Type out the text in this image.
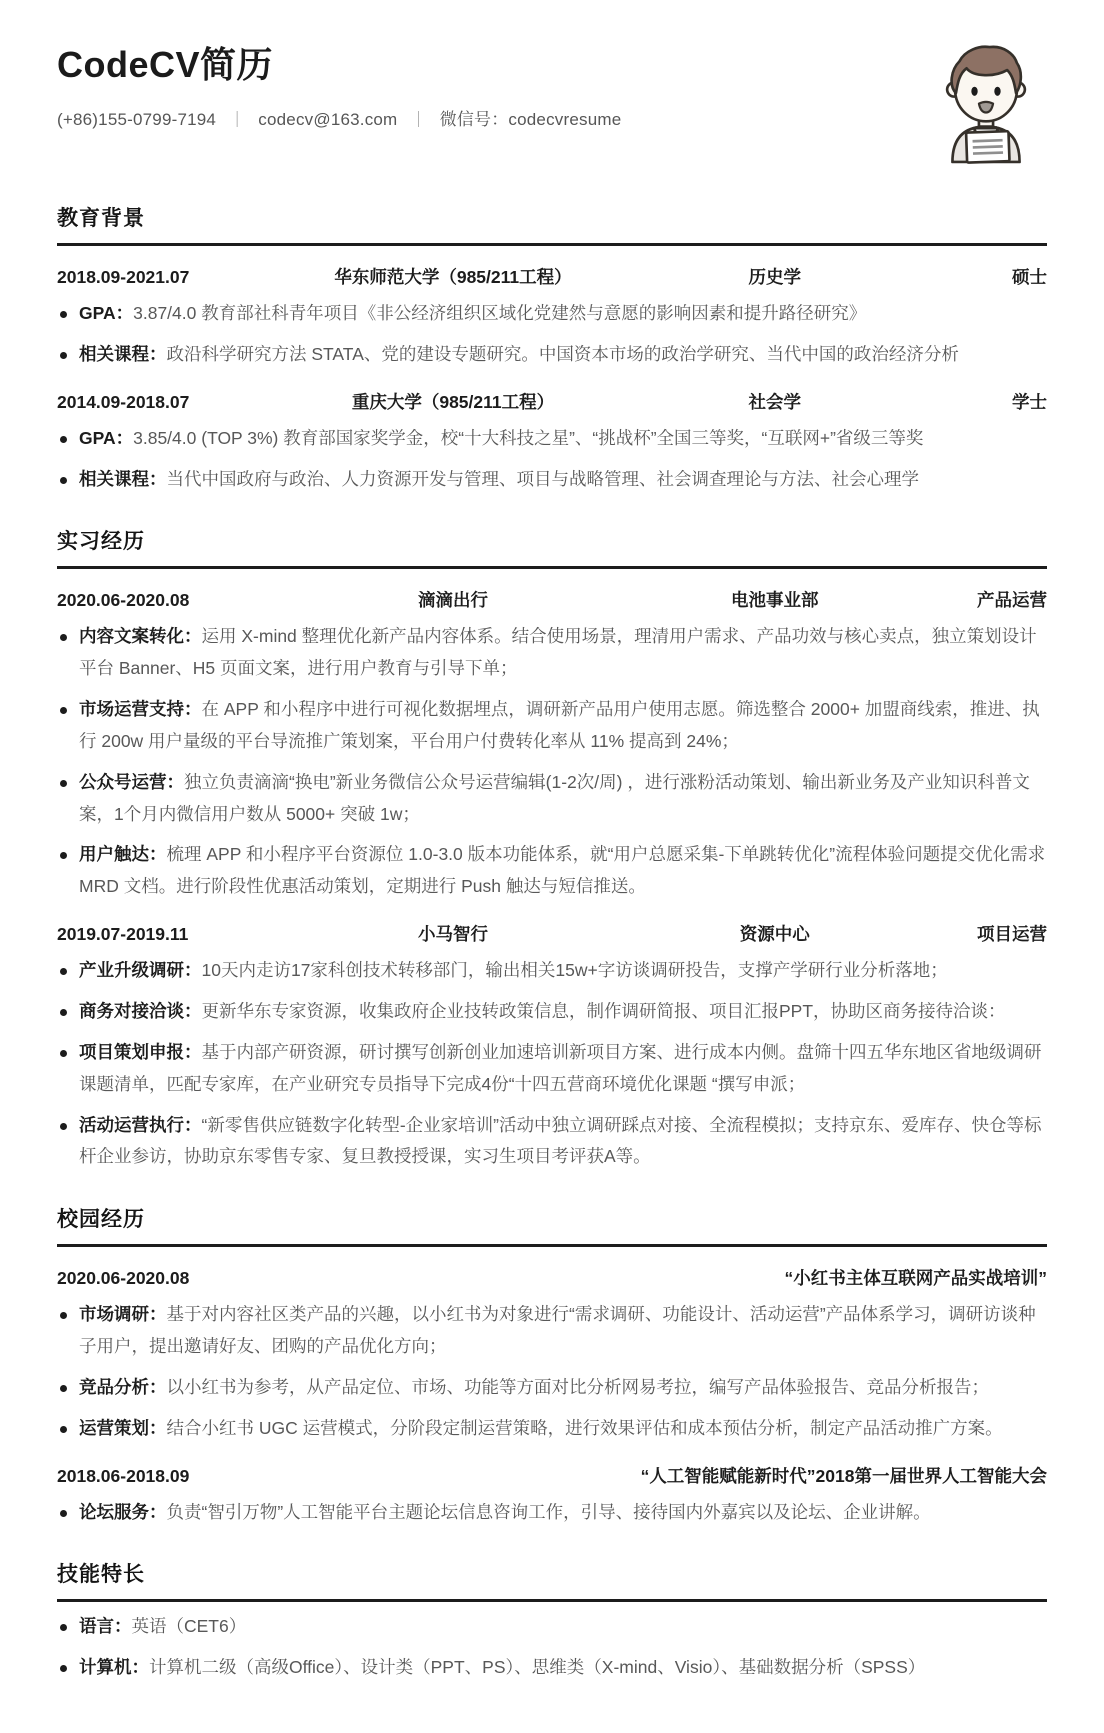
CodeCV简历
(+86)155-0799-7194 ｜ codecv@163.com ｜ 微信号：codecvresume
教育背景
2018.09-2021.07	华东师范大学（985/211工程）	历史学	硕士
GPA：3.87/4.0 教育部社科青年项目《非公经济组织区域化党建然与意愿的影响因素和提升路径研究》
相关课程：政沿科学研究方法 STATA、党的建设专题研究。中国资本市场的政治学研究、当代中国的政治经济分析
2014.09-2018.07	重庆大学（985/211工程）	社会学	学士
GPA：3.85/4.0 (TOP 3%) 教育部国家奖学金，校“十大科技之星”、“挑战杯”全国三等奖，“互联网+”省级三等奖
相关课程：当代中国政府与政治、人力资源开发与管理、项目与战略管理、社会调查理论与方法、社会心理学
实习经历
2020.06-2020.08	滴滴出行	电池事业部	产品运营
内容文案转化：运用 X-mind 整理优化新产品内容体系。结合使用场景，理清用户需求、产品功效与核心卖点，独立策划设计平台 Banner、H5 页面文案，进行用户教育与引导下单；
市场运营支持：在 APP 和小程序中进行可视化数据埋点，调研新产品用户使用志愿。筛选整合 2000+ 加盟商线索，推进、执行 200w 用户量级的平台导流推广策划案，平台用户付费转化率从 11% 提高到 24%；
公众号运营：独立负责滴滴“换电”新业务微信公众号运营编辑(1-2次/周) ，进行涨粉活动策划、输出新业务及产业知识科普文案，1个月内微信用户数从 5000+ 突破 1w；
用户触达：梳理 APP 和小程序平台资源位 1.0-3.0 版本功能体系，就“用户总愿采集-下单跳转优化”流程体验问题提交优化需求 MRD 文档。进行阶段性优惠活动策划，定期进行 Push 触达与短信推送。
2019.07-2019.11	小马智行	资源中心	项目运营
产业升级调研：10天内走访17家科创技术转移部门，输出相关15w+字访谈调研投告，支撑产学研行业分析落地；
商务对接洽谈：更新华东专家资源，收集政府企业技转政策信息，制作调研简报、项目汇报PPT，协助区商务接待洽谈：
项目策划申报：基于内部产研资源，研讨撰写创新创业加速培训新项目方案、进行成本内侧。盘筛十四五华东地区省地级调研课题清单，匹配专家库，在产业研究专员指导下完成4份“十四五营商环境优化课题 “撰写申派；
活动运营执行：“新零售供应链数字化转型-企业家培训”活动中独立调研踩点对接、全流程模拟；支持京东、爱库存、快仓等标杆企业参访，协助京东零售专家、复旦教授授课，实习生项目考评获A等。
校园经历
2020.06-2020.08	“小红书主体互联网产品实战培训”
市场调研：基于对内容社区类产品的兴趣，以小红书为对象进行“需求调研、功能设计、活动运营”产品体系学习，调研访谈种子用户，提出邀请好友、团购的产品优化方向；
竞品分析：以小红书为参考，从产品定位、市场、功能等方面对比分析网易考拉，编写产品体验报告、竞品分析报告；
运营策划：结合小红书 UGC 运营模式，分阶段定制运营策略，进行效果评估和成本预估分析，制定产品活动推广方案。
2018.06-2018.09	“人工智能赋能新时代”2018第一届世界人工智能大会
论坛服务：负责“智引万物”人工智能平台主题论坛信息咨询工作，引导、接待国内外嘉宾以及论坛、企业讲解。
技能特长
语言：英语（CET6）
计算机：计算机二级（高级Office）、设计类（PPT、PS）、思维类（X-mind、Visio）、基础数据分析（SPSS）
